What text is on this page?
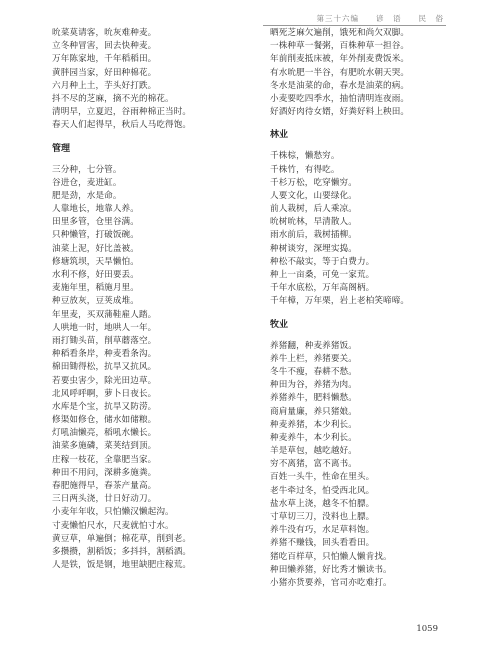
第三十六编　　谚　语　　民　俗
吮菜莫请客，吮灰难种麦。
立冬种冒害，回去快种麦。
万年陈家地，千年稻稻田。
黄胖园当家，好田种棉花。
六月种上土，芋头好打跌。
抖不尽的芝麻，摘不光的棉花。
清明早，立夏迟，谷雨种棉正当时。
春天人们起得早，秋后人马吃得饱。
管理
三分种，七分管。
谷进仓，麦进缸。
肥是劲，水是命。
人靠地长，地靠人养。
田里多管，仓里谷满。
只种懒管，打破饭碗。
油菜上泥，好比盖被。
修塘筑坝，天旱懒怕。
水利不修，好田要丢。
麦施年里，稻施月里。
种豆放灰，豆荚成堆。
年里麦，买双蒲鞋雇人踏。
人哄地一时，地哄人一年。
雨打锄头苗，削草蘑落空。
种稻看条岸，种麦看条沟。
棉田锄得松，抗旱又抗风。
若要虫害少，除光田边草。
北风呼呼啊，萝卜日夜长。
水库是个宝，抗旱又防涝。
修渠如修仓，储水如储粮。
灯吼油懒亮，稻吼水懒长。
油菜多施磷，菜荚结到顶。
庄稼一枝花，全靠肥当家。
种田不用问，深耕多施粪。
春肥施得早，春茶产量高。
三日两头浇，廿日好动刀。
小麦年年收，只怕懒汉懒起沟。
寸麦懒怕尺水，尺麦就怕寸水。
黄豆草，单遍倒；棉花草，削到老。
多攒攒，割稻饭；多抖抖，割稻酒。
人是铁，饭是钢，地里缺肥庄稼荒。
晒死芝麻欠遍削，饿死和尚欠双脚。
一株种草一餐粥，百株种草一担谷。
年前削麦抵床被，年外削麦费饭米。
有水吮肥一半谷，有肥吮水朝天哭。
冬水是油菜的命，春水是油菜的病。
小麦要吃四季水，抽怕清明连夜雨。
好酒好肉待女婿，好粪好料上秧田。
林业
千株棕，懒愁穷。
千株竹，有得吃。
千杉万松，吃穿懒穷。
人要文化，山要绿化。
前人栽树，后人乘凉。
吮树吮林，早清散人。
雨水前后，栽树插柳。
种树谈穷，深埋实捣。
种松不敲实，等于白费力。
种上一亩桑，可免一家荒。
千年水底松，万年高阁柄。
千年樟，万年栗，岩上老柏笑啼啼。
牧业
养猪翻，种麦养猪饭。
养牛上栏，养猪要关。
冬牛不瘦，春耕不愁。
种田为谷，养猪为肉。
养猪养牛，肥料懒愁。
商肩量廉，养只猪娘。
种麦养猪，本少利长。
种麦养牛，本少利长。
羊是草包，越吃越好。
穷不离猪，富不离书。
百姓一头牛，性命在里头。
老牛牵过冬，怕受西北风。
盐水草上浇，越冬不怕膘。
寸草切三刀，没料也上膘。
养牛没有巧，水足草料饱。
养猪不赚钱，回头看看田。
猪吃百样草，只怕懒人懒肯找。
种田懒养猪，好比秀才懒读书。
小猪亦货要养，官司亦吃难打。
1059
